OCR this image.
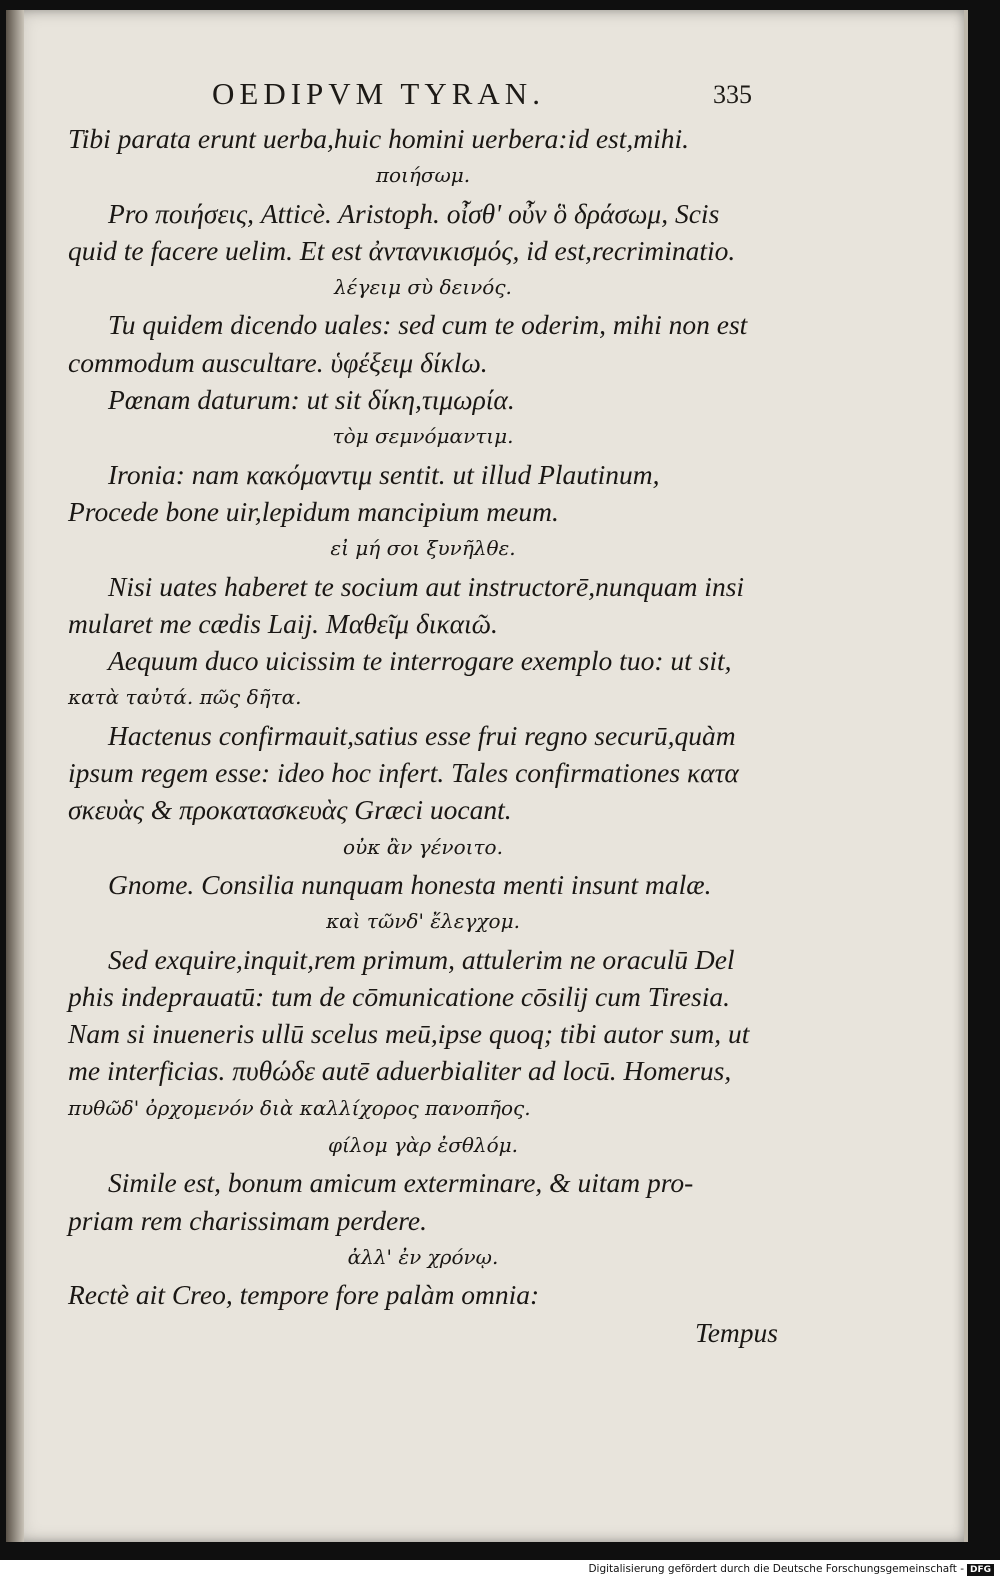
OEDIPVM TYRAN.	335
Tibi parata erunt uerba,huic homini uerbera:id est,mihi.
ποιήσωμ.
Pro ποιήσεις, Atticè. Aristoph. οἶσθ' οὖν ὃ δράσωμ, Scis
quid te facere uelim. Et est ἀντανικισμός, id est,recriminatio.
λέγειμ σὺ δεινός.
Tu quidem dicendo uales: sed cum te oderim, mihi non est
commodum auscultare. ὑφέξειμ δίκlω.
Pœnam daturum: ut sit δίκη,τιμωρία.
τὸμ σεμνόμαντιμ.
Ironia: nam κακόμαντιμ sentit. ut illud Plautinum,
Procede bone uir,lepidum mancipium meum.
εἰ μή σοι ξυνῆλθε.
Nisi uates haberet te socium aut instructorē,nunquam insi
mularet me cædis Laij. Μαθεῖμ δικαιῶ.
Aequum duco uicissim te interrogare exemplo tuo: ut sit,
κατὰ ταὐτά. πῶς δῆτα.
Hactenus confirmauit,satius esse frui regno securū,quàm
ipsum regem esse: ideo hoc infert. Tales confirmationes κατα
σκευὰς & προκατασκευὰς Græci uocant.
οὐκ ἂν γένοιτο.
Gnome. Consilia nunquam honesta menti insunt malæ.
καὶ τῶνδ' ἔλεγχομ.
Sed exquire,inquit,rem primum, attulerim ne oraculū Del
phis indeprauatū: tum de cōmunicatione cōsilij cum Tiresia.
Nam si inueneris ullū scelus meū,ipse quoq; tibi autor sum, ut
me interficias. πυθώδε autē aduerbialiter ad locū. Homerus,
πυθῶδ' ὀρχομενόν διὰ καλλίχορος πανοπῆος.
φίλομ γὰρ ἐσθλόμ.
Simile est, bonum amicum exterminare, & uitam pro-
priam rem charissimam perdere.
ἀλλ' ἐν χρόνῳ.
Rectè ait Creo, tempore fore palàm omnia:
Tempus
Digitalisierung gefördert durch die Deutsche Forschungsgemeinschaft - DFG
